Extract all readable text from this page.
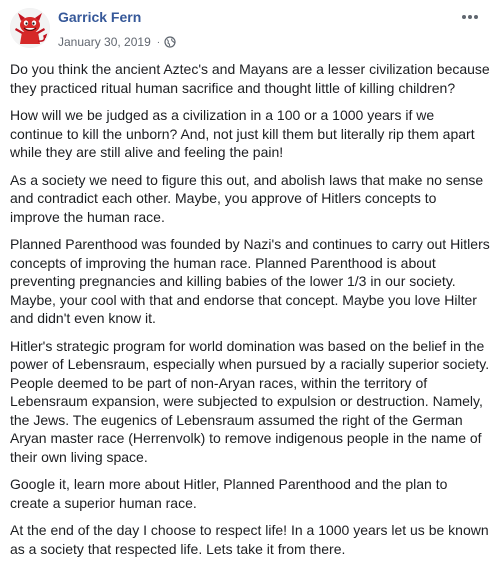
Garrick Fern
January 30, 2019 ·

Do you think the ancient Aztec's and Mayans are a lesser civilization because they practiced ritual human sacrifice and thought little of killing children?

How will we be judged as a civilization in a 100 or a 1000 years if we continue to kill the unborn? And, not just kill them but literally rip them apart while they are still alive and feeling the pain!

As a society we need to figure this out, and abolish laws that make no sense and contradict each other. Maybe, you approve of Hitlers concepts to improve the human race.

Planned Parenthood was founded by Nazi's and continues to carry out Hitlers concepts of improving the human race. Planned Parenthood is about preventing pregnancies and killing babies of the lower 1/3 in our society. Maybe, your cool with that and endorse that concept. Maybe you love Hilter and didn't even know it.

Hitler's strategic program for world domination was based on the belief in the power of Lebensraum, especially when pursued by a racially superior society. People deemed to be part of non-Aryan races, within the territory of Lebensraum expansion, were subjected to expulsion or destruction. Namely, the Jews. The eugenics of Lebensraum assumed the right of the German Aryan master race (Herrenvolk) to remove indigenous people in the name of their own living space.

Google it, learn more about Hitler, Planned Parenthood and the plan to create a superior human race.

At the end of the day I choose to respect life! In a 1000 years let us be known as a society that respected life. Lets take it from there.
